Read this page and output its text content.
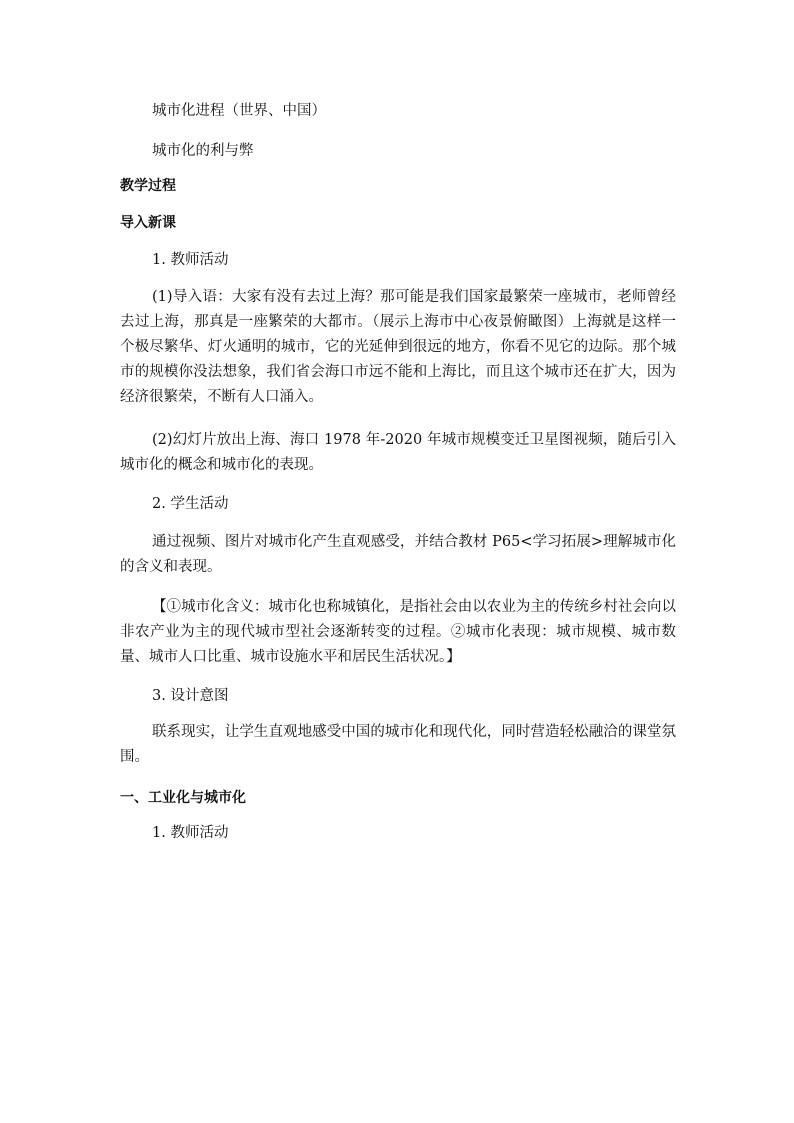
城市化进程（世界、中国）
城市化的利与弊
教学过程
导入新课
1. 教师活动
(1)导入语：大家有没有去过上海？那可能是我们国家最繁荣一座城市，老师曾经去过上海，那真是一座繁荣的大都市。（展示上海市中心夜景俯瞰图）上海就是这样一个极尽繁华、灯火通明的城市，它的光延伸到很远的地方，你看不见它的边际。那个城市的规模你没法想象，我们省会海口市远不能和上海比，而且这个城市还在扩大，因为经济很繁荣，不断有人口涌入。
(2)幻灯片放出上海、海口 1978 年-2020 年城市规模变迁卫星图视频，随后引入城市化的概念和城市化的表现。
2. 学生活动
通过视频、图片对城市化产生直观感受，并结合教材 P65<学习拓展>理解城市化的含义和表现。
【①城市化含义：城市化也称城镇化，是指社会由以农业为主的传统乡村社会向以非农产业为主的现代城市型社会逐渐转变的过程。②城市化表现：城市规模、城市数量、城市人口比重、城市设施水平和居民生活状况。】
3. 设计意图
联系现实，让学生直观地感受中国的城市化和现代化，同时营造轻松融洽的课堂氛围。
一、工业化与城市化
1. 教师活动
